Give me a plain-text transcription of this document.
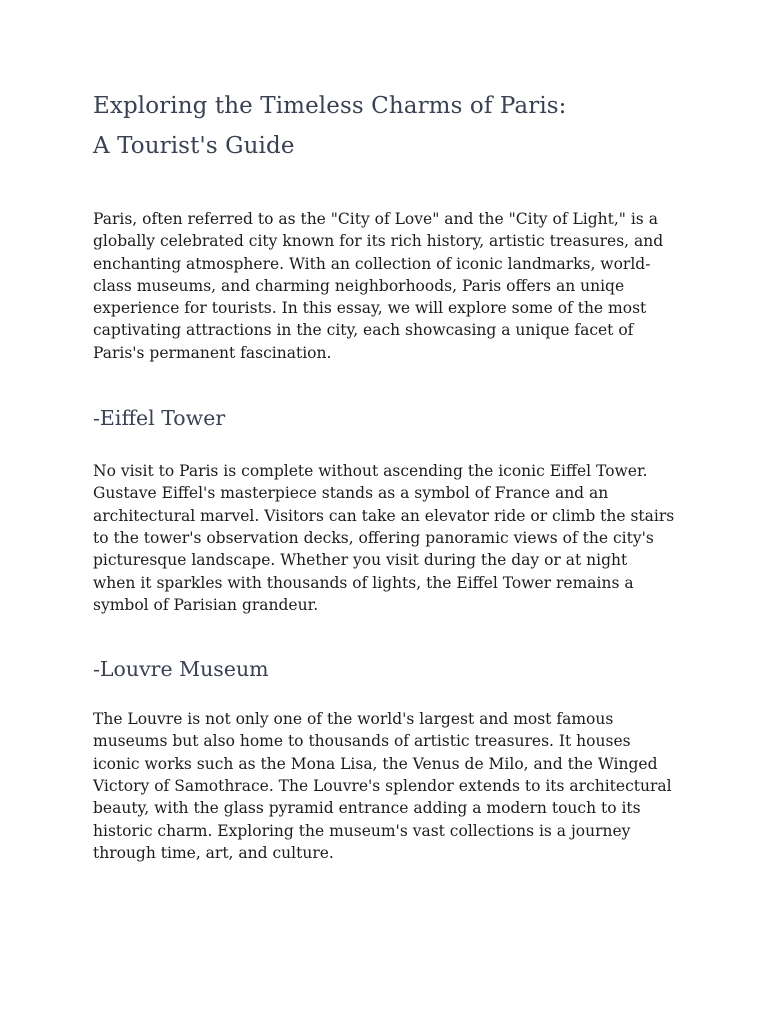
Exploring the Timeless Charms of Paris:
A Tourist's Guide

Paris, often referred to as the "City of Love" and the "City of Light," is a
globally celebrated city known for its rich history, artistic treasures, and
enchanting atmosphere. With an collection of iconic landmarks, world-
class museums, and charming neighborhoods, Paris offers an uniqe
experience for tourists. In this essay, we will explore some of the most
captivating attractions in the city, each showcasing a unique facet of
Paris's permanent fascination.

-Eiffel Tower

No visit to Paris is complete without ascending the iconic Eiffel Tower.
Gustave Eiffel's masterpiece stands as a symbol of France and an
architectural marvel. Visitors can take an elevator ride or climb the stairs
to the tower's observation decks, offering panoramic views of the city's
picturesque landscape. Whether you visit during the day or at night
when it sparkles with thousands of lights, the Eiffel Tower remains a
symbol of Parisian grandeur.

-Louvre Museum

The Louvre is not only one of the world's largest and most famous
museums but also home to thousands of artistic treasures. It houses
iconic works such as the Mona Lisa, the Venus de Milo, and the Winged
Victory of Samothrace. The Louvre's splendor extends to its architectural
beauty, with the glass pyramid entrance adding a modern touch to its
historic charm. Exploring the museum's vast collections is a journey
through time, art, and culture.
